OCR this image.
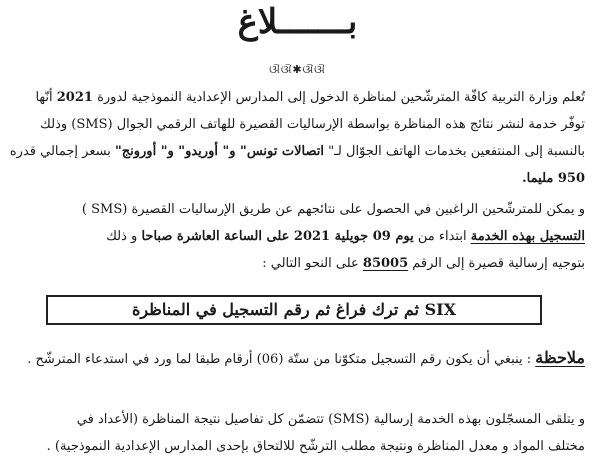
بـــــــلاغ
ଔଔ✱ଔଔ
تُعلم وزارة التربية كافّة المترشّحين لمناظرة الدخول إلى المدارس الإعدادية النموذجية لدورة 2021 أنّها
توفّر خدمة لنشر نتائج هذه المناظرة بواسطة الإرساليات القصيرة للهاتف الرقمي الجوال (SMS) وذلك
بالنسبة إلى المنتفعين بخدمات الهاتف الجوّال لـ" اتصالات تونس" و" أوريدو" و" أورونج" بسعر إجمالي قدره
950 مليما.
و يمكن للمترشّحين الراغبين في الحصول على نتائجهم عن طريق الإرساليات القصيرة (SMS )
التسجيل بهذه الخدمة ابتداء من يوم 09 جويلية 2021 على الساعة العاشرة صباحا و ذلك
بتوجيه إرسالية قصيرة إلى الرقم 85005 على النحو التالي :
SIX ثم ترك فراغ ثم رقم التسجيل في المناظرة
ملاحظة : ينبغي أن يكون رقم التسجيل متكوّنا من ستّة (06) أرقام طبقا لما ورد في استدعاء المترشّح .
و يتلقى المسجّلون بهذه الخدمة إرسالية (SMS) تتضمّن كل تفاصيل نتيجة المناظرة (الأعداد في
مختلف المواد و معدل المناظرة ونتيجة مطلب الترشّح للالتحاق بإحدى المدارس الإعدادية النموذجية) .
